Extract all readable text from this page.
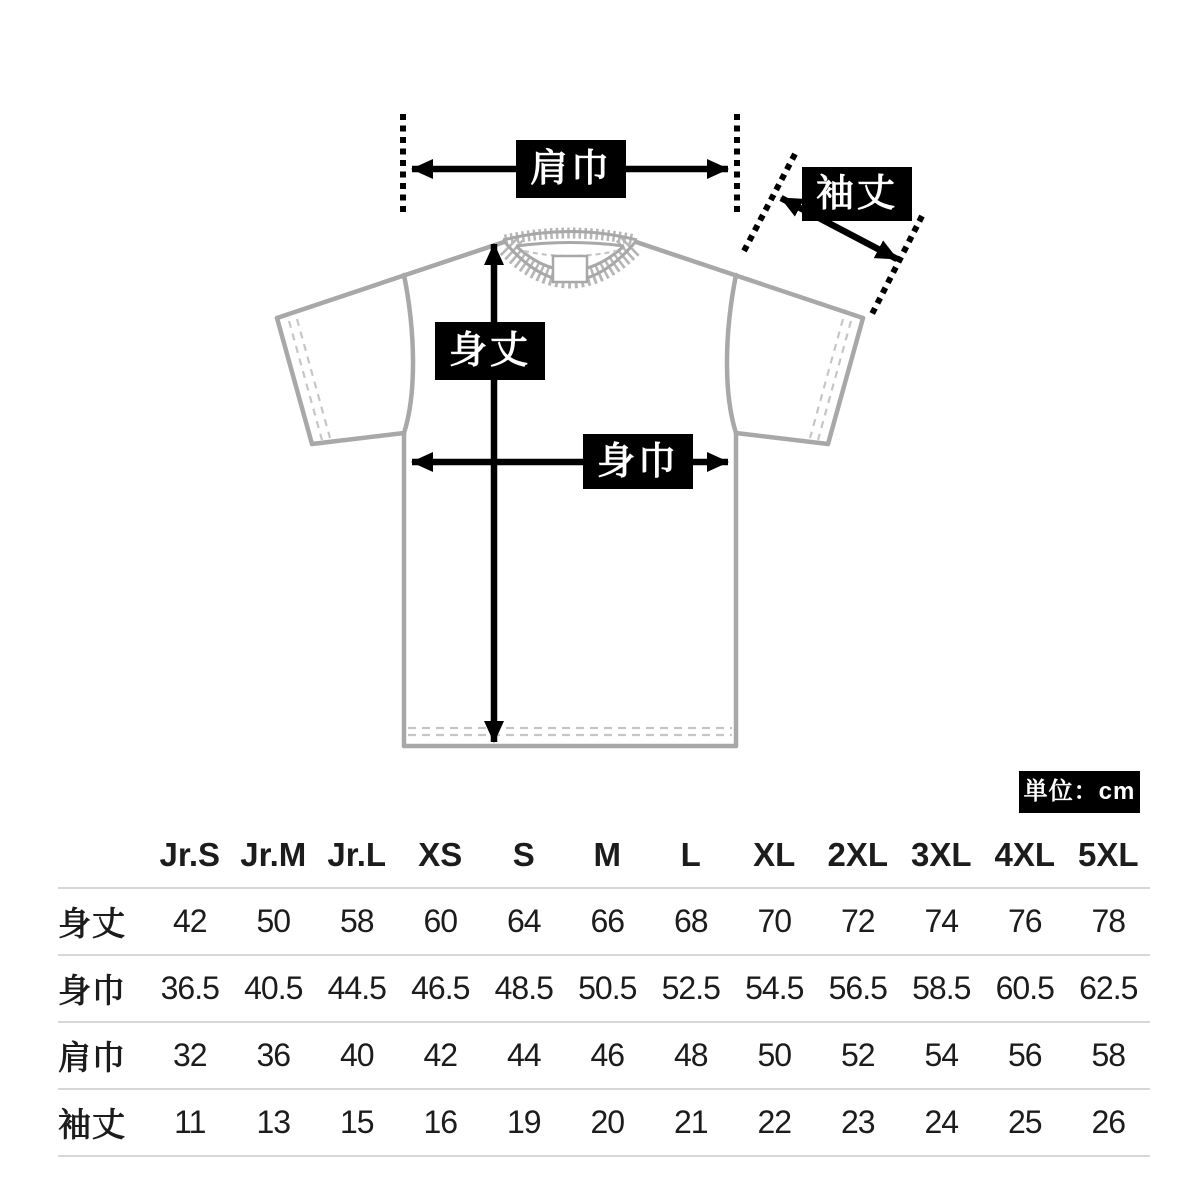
肩巾
袖丈
身丈
身巾
単位：cm
Jr.S Jr.M Jr.L XS	S	M	L	XL 2XL 3XL 4XL 5XL
身丈	42	50	58	60	64	66	68	70	72	74	76	78
身巾	36.5 40.5 44.5 46.5 48.5 50.5 52.5 54.5 56.5 58.5 60.5 62.5
肩巾	32	36	40	42	44	46	48	50	52	54	56	58
袖丈	11	13	15	16	19	20	21	22	23	24	25	26
